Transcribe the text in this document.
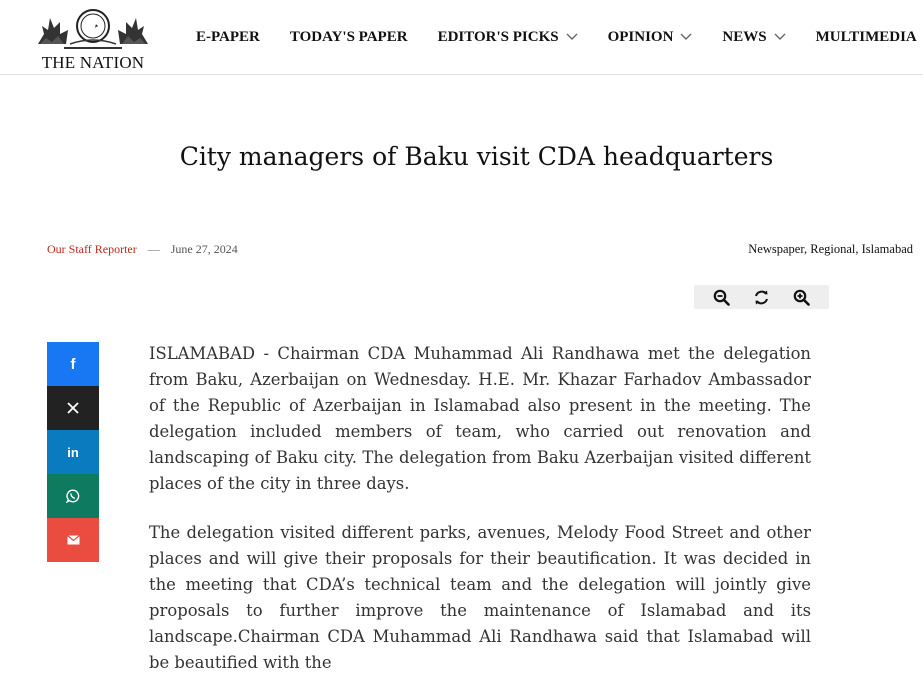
THE NATION
E-PAPER TODAY'S PAPER EDITOR'S PICKS	OPINION	NEWS	MULTIMEDIA
City managers of Baku visit CDA headquarters
Our Staff Reporter — June 27, 2024	Newspaper, Regional, Islamabad
f
in

ISLAMABAD - Chairman CDA Muhammad Ali Randhawa met the delegation from Baku, Azerbaijan on Wednesday. H.E. Mr. Khazar Farhadov Ambassador of the Republic of Azerbaijan in Islamabad also present in the meeting. The delegation included members of team, who carried out renovation and landscaping of Baku city. The delegation from Baku Azerbaijan visited different places of the city in three days.

The delegation visited different parks, avenues, Melody Food Street and other places and will give their proposals for their beautification. It was decided in the meeting that CDA’s technical team and the delegation will jointly give proposals to further improve the maintenance of Islamabad and its landscape.Chairman CDA Muhammad Ali Randhawa said that Islamabad will be beautified with the
